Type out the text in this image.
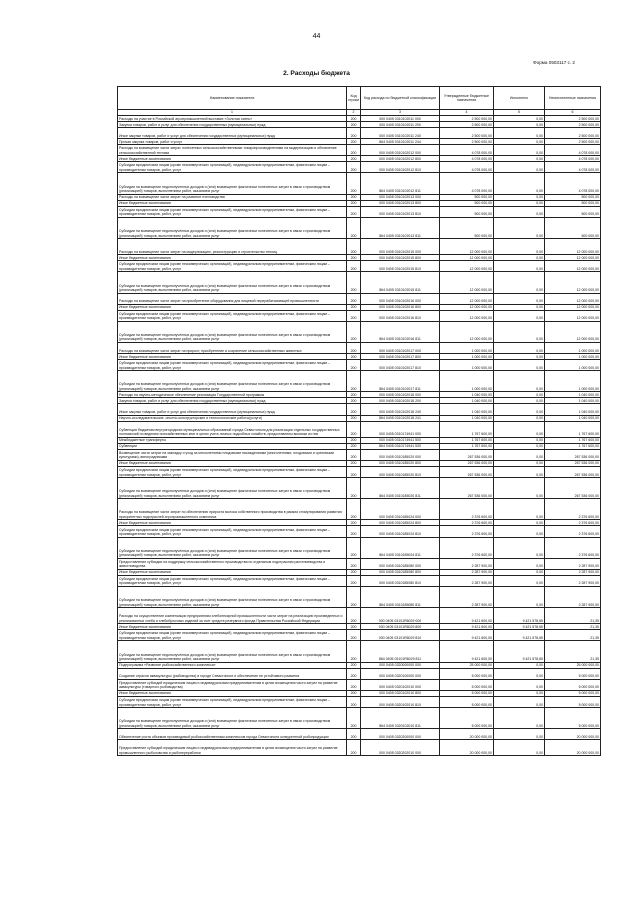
44
Форма 0503117 с. 2
2. Расходы бюджета
Наименование показателя	Код строки	Код расхода по бюджетной классификации	Утвержденные бюджетные назначения	Исполнено	Неисполненные назначения
1	2	3	4	5	6
Расходы на участие в Российской агропромышленной выставке «Золотая осень»	200	000 0405 0310102011 000	2 500 000,00	0,00	2 500 000,00
Закупка товаров, работ и услуг для обеспечения государственных (муниципальных) нужд	200	000 0405 0310102011 200	2 500 000,00	0,00	2 500 000,00
Иные закупки товаров, работ и услуг для обеспечения государственных (муниципальных) нужд	200	000 0405 0310102011 240	2 500 000,00	0,00	2 500 000,00
Прочая закупка товаров, работ и услуг	200	864 0405 0310102011 244	2 500 000,00	0,00	2 500 000,00
Расходы на возмещение части затрат, понесенных сельскохозяйственными товаропроизводителями на модернизацию и обновление сельскохозяйственной техники	200	000 0405 0310102012 000	4 078 000,00	0,00	4 078 000,00
Иные бюджетные ассигнования	200	000 0405 0310102012 800	4 078 000,00	0,00	4 078 000,00
Субсидии юридическим лицам (кроме некоммерческих организаций), индивидуальным предпринимателям, физическим лицам – производителям товаров, работ, услуг	200	000 0405 0310102012 810	4 078 000,00	0,00	4 078 000,00
Субсидии на возмещение недополученных доходов и (или) возмещение фактически понесенных затрат в связи с производством (реализацией) товаров, выполнением работ, оказанием услуг	200	864 0405 0310102012 811	4 078 000,00	0,00	4 078 000,00
Расходы на возмещение части затрат на развитие пчеловодства	200	000 0405 0310102013 000	500 000,00	0,00	500 000,00
Иные бюджетные ассигнования	200	000 0405 0310102013 800	500 000,00	0,00	500 000,00
Субсидии юридическим лицам (кроме некоммерческих организаций), индивидуальным предпринимателям, физическим лицам – производителям товаров, работ, услуг	200	000 0405 0310102013 810	500 000,00	0,00	500 000,00
Субсидии на возмещение недополученных доходов и (или) возмещение фактически понесенных затрат в связи с производством (реализацией) товаров, выполнением работ, оказанием услуг	200	864 0405 0310102013 811	500 000,00	0,00	500 000,00
Расходы на возмещение части затрат на модернизацию, реконструкцию и строительство теплиц	200	000 0405 0310102015 000	12 000 000,00	0,00	12 000 000,00
Иные бюджетные ассигнования	200	000 0405 0310102015 800	12 000 000,00	0,00	12 000 000,00
Субсидии юридическим лицам (кроме некоммерческих организаций), индивидуальным предпринимателям, физическим лицам – производителям товаров, работ, услуг	200	000 0405 0310102015 810	12 000 000,00	0,00	12 000 000,00
Субсидии на возмещение недополученных доходов и (или) возмещение фактически понесенных затрат в связи с производством (реализацией) товаров, выполнением работ, оказанием услуг	200	864 0405 0310102015 811	12 000 000,00	0,00	12 000 000,00
Расходы на возмещение части затрат на приобретение оборудования для пищевой перерабатывающей промышленности	200	000 0405 0310102016 000	12 000 000,00	0,00	12 000 000,00
Иные бюджетные ассигнования	200	000 0405 0310102016 800	12 000 000,00	0,00	12 000 000,00
Субсидии юридическим лицам (кроме некоммерческих организаций), индивидуальным предпринимателям, физическим лицам – производителям товаров, работ, услуг	200	000 0405 0310102016 810	12 000 000,00	0,00	12 000 000,00
Субсидии на возмещение недополученных доходов и (или) возмещение фактически понесенных затрат в связи с производством (реализацией) товаров, выполнением работ, оказанием услуг	200	864 0405 0310102016 811	12 000 000,00	0,00	12 000 000,00
Расходы на возмещение части затрат на прирост, приобретение и сохранение сельскохозяйственных животных	200	000 0405 0310102017 000	1 000 000,00	0,00	1 000 000,00
Иные бюджетные ассигнования	200	000 0405 0310102017 800	1 000 000,00	0,00	1 000 000,00
Субсидии юридическим лицам (кроме некоммерческих организаций), индивидуальным предпринимателям, физическим лицам – производителям товаров, работ, услуг	200	000 0405 0310102017 810	1 000 000,00	0,00	1 000 000,00
Субсидии на возмещение недополученных доходов и (или) возмещение фактически понесенных затрат в связи с производством (реализацией) товаров, выполнением работ, оказанием услуг	200	864 0405 0310102017 811	1 000 000,00	0,00	1 000 000,00
Расходы на научно-методическое обеспечение реализации Государственной программы	200	000 0405 0310102018 000	1 040 000,00	0,00	1 040 000,00
Закупка товаров, работ и услуг для обеспечения государственных (муниципальных) нужд	200	000 0405 0310102018 200	1 040 000,00	0,00	1 040 000,00
Иные закупки товаров, работ и услуг для обеспечения государственных (муниципальных) нужд	200	000 0405 0310102018 240	1 040 000,00	0,00	1 040 000,00
Научно-исследовательские, опытно-конструкторские и технологические работы(услуги)	200	864 0405 0310102018 241	1 040 000,00	0,00	1 040 000,00
Субвенция бюджетам внутригородских муниципальных образований города Севастополя для реализации отдельных государственных полномочий по ведению похозяйственных книг в целях учета личных подсобных хозяйств, предоставлены выписки из них	200	000 0405 0310174941 000	1 767 600,00	0,00	1 767 600,00
Межбюджетные трансферты	200	000 0405 0310174941 500	1 767 600,00	0,00	1 767 600,00
Субвенции	200	864 0405 0310174941 530	1 767 600,00	0,00	1 767 600,00
Возмещение части затрат на закладку и уход за многолетними плодовыми насаждениями (многолетними, плодовыми и ореховыми культурами), виноградниками	200	000 0405 0310185020 000	267 536 000,00	0,00	267 536 000,00
Иные бюджетные ассигнования	200	000 0405 0310185020 800	267 536 000,00	0,00	267 536 000,00
Субсидии юридическим лицам (кроме некоммерческих организаций), индивидуальным предпринимателям, физическим лицам – производителям товаров, работ, услуг	200	000 0405 0310185020 810	267 536 000,00	0,00	267 536 000,00
Субсидии на возмещение недополученных доходов и (или) возмещение фактически понесенных затрат в связи с производством (реализацией) товаров, выполнением работ, оказанием услуг	200	864 0405 0310185020 811	267 536 000,00	0,00	267 536 000,00
Расходы на возмещение части затрат по обеспечению прироста молока собственного производства в рамках стимулирования развития приоритетных подотраслей агропромышленного комплекса	200	000 0405 0310185024 000	2 376 600,00	0,00	2 376 600,00
Иные бюджетные ассигнования	200	000 0405 0310185024 800	2 376 600,00	0,00	2 376 600,00
Субсидии юридическим лицам (кроме некоммерческих организаций), индивидуальным предпринимателям, физическим лицам – производителям товаров, работ, услуг	200	000 0405 0310185024 810	2 376 600,00	0,00	2 376 600,00
Субсидии на возмещение недополученных доходов и (или) возмещение фактически понесенных затрат в связи с производством (реализацией) товаров, выполнением работ, оказанием услуг	200	864 0405 0310185024 811	2 376 600,00	0,00	2 376 600,00
Предоставление субсидии на поддержку сельскохозяйственного производства по отдельным подотраслям растениеводства и животноводства	200	000 0405 0310185080 000	2 287 900,00	0,00	2 287 900,00
Иные бюджетные ассигнования	200	000 0405 0310185080 800	2 287 900,00	0,00	2 287 900,00
Субсидии юридическим лицам (кроме некоммерческих организаций), индивидуальным предпринимателям, физическим лицам – производителям товаров, работ, услуг	200	000 0405 0310185080 810	2 287 900,00	0,00	2 287 900,00
Субсидии на возмещение недополученных доходов и (или) возмещение фактически понесенных затрат в связи с производством (реализацией) товаров, выполнением работ, оказанием услуг	200	864 0405 0310185080 811	2 287 900,00	0,00	2 287 900,00
Расходы на осуществление компенсации предприятиям хлебопекарной промышленности части затрат на реализацию произведенных и реализованных хлеба и хлебобулочных изделий за счет средств резервного фонда Правительства Российской Федерации	200	000 0405 03101R6029 000	9 421 600,00	9 421 578,65	21,35
Иные бюджетные ассигнования	200	000 0405 03101R6029 800	9 421 600,00	9 421 578,65	21,35
Субсидии юридическим лицам (кроме некоммерческих организаций), индивидуальным предпринимателям, физическим лицам – производителям товаров, работ, услуг	200	000 0405 03101R6029 810	9 421 600,00	9 421 578,65	21,35
Субсидии на возмещение недополученных доходов и (или) возмещение фактически понесенных затрат в связи с производством (реализацией) товаров, выполнением работ, оказанием услуг	200	864 0405 03101R6029 811	9 421 600,00	9 421 578,65	21,35
Подпрограмма «Развитие рыбохозяйственного комплекса»	200	000 0405 0320000000 000	25 000 000,00	0,00	25 000 000,00
Создание отрасли аквакультуры (рыбоводства) в городе Севастополе и обеспечение ее устойчивого развития	200	000 0405 0320100000 000	5 000 000,00	0,00	5 000 000,00
Предоставление субсидий юридическим лицам и индивидуальным предпринимателям в целях возмещения части затрат на развитие аквакультуры (товарного рыбоводства)	200	000 0405 0320102010 000	5 000 000,00	0,00	5 000 000,00
Иные бюджетные ассигнования	200	000 0405 0320102010 800	5 000 000,00	0,00	5 000 000,00
Субсидии юридическим лицам (кроме некоммерческих организаций), индивидуальным предпринимателям, физическим лицам – производителям товаров, работ, услуг	200	000 0405 0320102010 810	5 000 000,00	0,00	5 000 000,00
Субсидии на возмещение недополученных доходов и (или) возмещение фактически понесенных затрат в связи с производством (реализацией) товаров, выполнением работ, оказанием услуг	200	864 0405 0320102010 811	5 000 000,00	0,00	5 000 000,00
Обеспечение роста объемов производимой рыбохозяйственным комплексом города Севастополя конкурентной рыбопродукции	200	000 0405 0320200000 000	20 000 000,00	0,00	20 000 000,00
Предоставление субсидий юридическим лицам и индивидуальным предпринимателям в целях возмещения части затрат на развитие промышленного рыболовства и рыбопереработки	200	000 0405 0320202010 000	20 000 000,00	0,00	20 000 000,00
